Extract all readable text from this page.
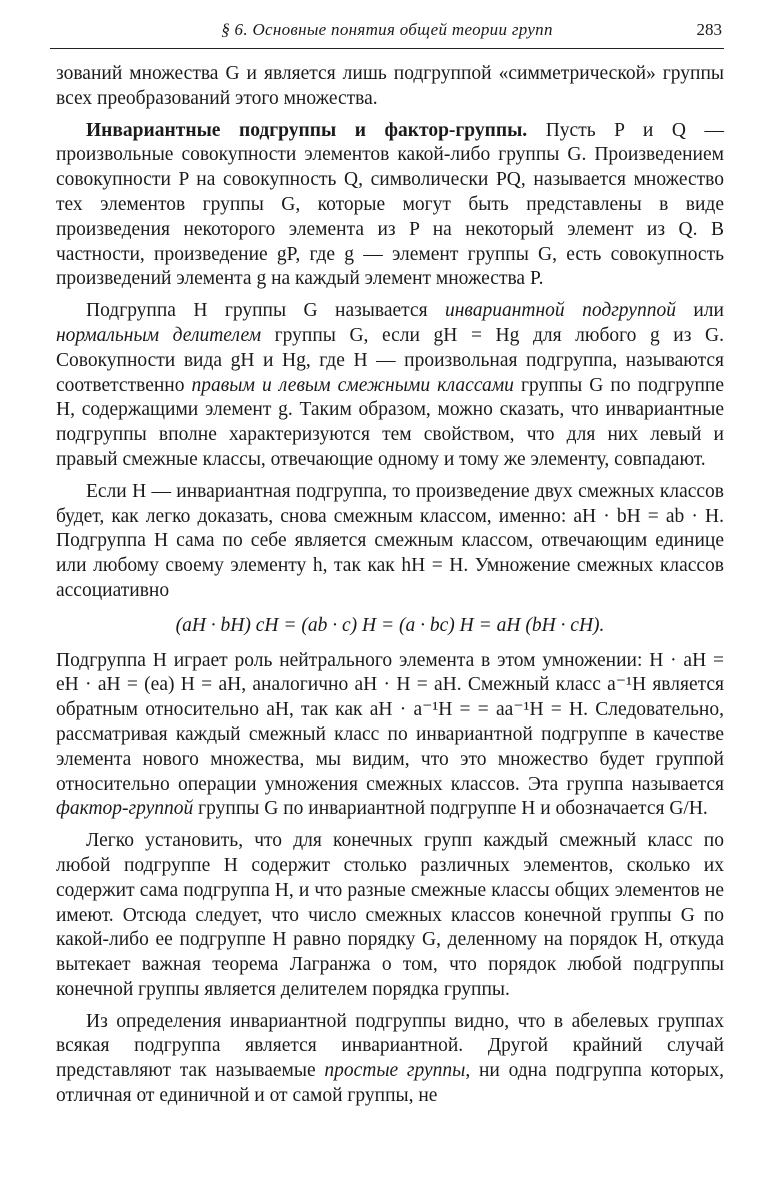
§ 6. Основные понятия общей теории групп	283

зований множества G и является лишь подгруппой «симметрической» группы всех преобразований этого множества.

Инвариантные подгруппы и фактор-группы. Пусть P и Q — произвольные совокупности элементов какой-либо группы G. Произведением совокупности P на совокупность Q, символически PQ, называется множество тех элементов группы G, которые могут быть представлены в виде произведения некоторого элемента из P на некоторый элемент из Q. В частности, произведение gP, где g — элемент группы G, есть совокупность произведений элемента g на каждый элемент множества P.

Подгруппа H группы G называется инвариантной подгруппой или нормальным делителем группы G, если gH = Hg для любого g из G. Совокупности вида gH и Hg, где H — произвольная подгруппа, называются соответственно правым и левым смежными классами группы G по подгруппе H, содержащими элемент g. Таким образом, можно сказать, что инвариантные подгруппы вполне характеризуются тем свойством, что для них левый и правый смежные классы, отвечающие одному и тому же элементу, совпадают.

Если H — инвариантная подгруппа, то произведение двух смежных классов будет, как легко доказать, снова смежным классом, именно: aH · bH = ab · H. Подгруппа H сама по себе является смежным классом, отвечающим единице или любому своему элементу h, так как hH = H. Умножение смежных классов ассоциативно

(aH · bH) cH = (ab · c) H = (a · bc) H = aH (bH · cH).

Подгруппа H играет роль нейтрального элемента в этом умножении: H · aH = eH · aH = (ea) H = aH, аналогично aH · H = aH. Смежный класс a⁻¹H является обратным относительно aH, так как aH · a⁻¹H = = aa⁻¹H = H. Следовательно, рассматривая каждый смежный класс по инвариантной подгруппе в качестве элемента нового множества, мы видим, что это множество будет группой относительно операции умножения смежных классов. Эта группа называется фактор-группой группы G по инвариантной подгруппе H и обозначается G/H.

Легко установить, что для конечных групп каждый смежный класс по любой подгруппе H содержит столько различных элементов, сколько их содержит сама подгруппа H, и что разные смежные классы общих элементов не имеют. Отсюда следует, что число смежных классов конечной группы G по какой-либо ее подгруппе H равно порядку G, деленному на порядок H, откуда вытекает важная теорема Лагранжа о том, что порядок любой подгруппы конечной группы является делителем порядка группы.

Из определения инвариантной подгруппы видно, что в абелевых группах всякая подгруппа является инвариантной. Другой крайний случай представляют так называемые простые группы, ни одна подгруппа которых, отличная от единичной и от самой группы, не
